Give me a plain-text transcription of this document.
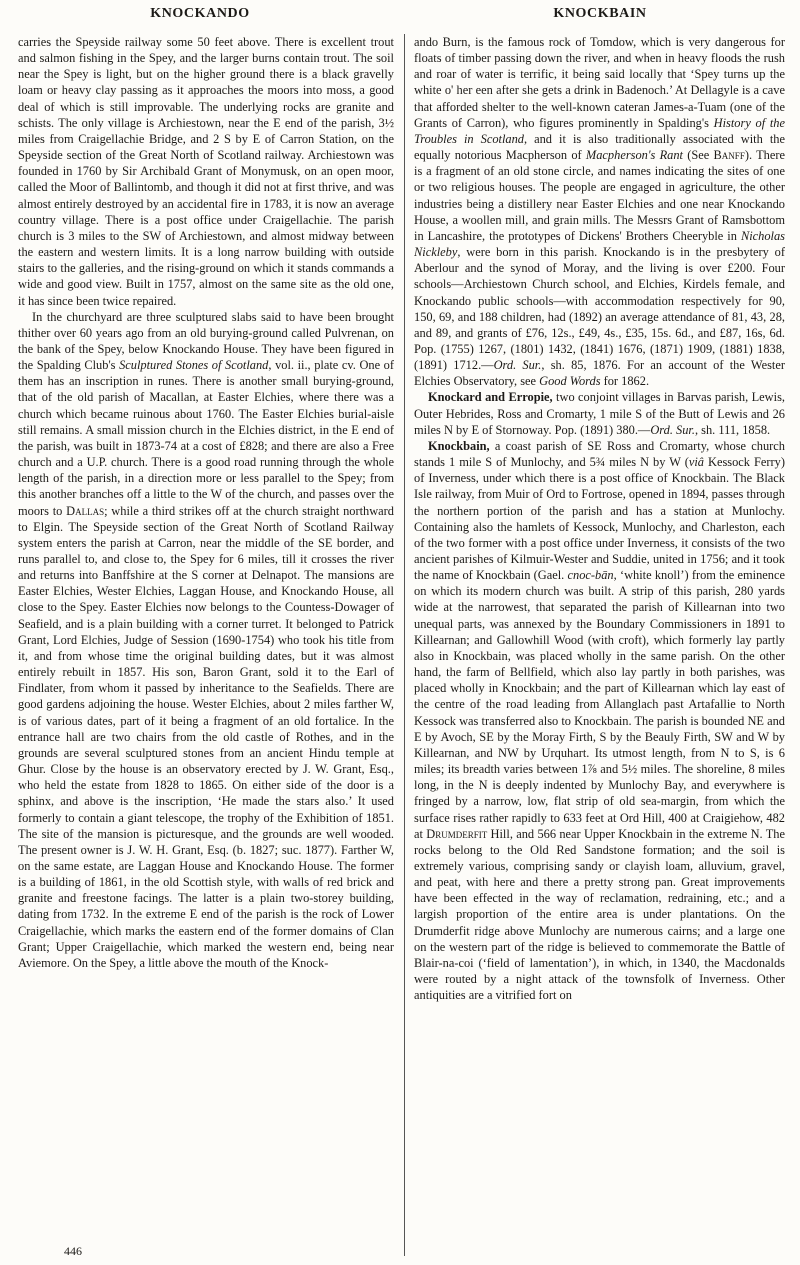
KNOCKANDO	KNOCKBAIN

carries the Speyside railway some 50 feet above. There is excellent trout and salmon fishing in the Spey, and the larger burns contain trout. The soil near the Spey is light, but on the higher ground there is a black gravelly loam or heavy clay passing as it approaches the moors into moss, a good deal of which is still improvable. The underlying rocks are granite and schists. The only village is Archiestown, near the E end of the parish, 3½ miles from Craigellachie Bridge, and 2 S by E of Carron Station, on the Speyside section of the Great North of Scotland railway. Archiestown was founded in 1760 by Sir Archibald Grant of Monymusk, on an open moor, called the Moor of Ballintomb, and though it did not at first thrive, and was almost entirely destroyed by an accidental fire in 1783, it is now an average country village. There is a post office under Craigellachie. The parish church is 3 miles to the SW of Archiestown, and almost midway between the eastern and western limits. It is a long narrow building with outside stairs to the galleries, and the rising-ground on which it stands commands a wide and good view. Built in 1757, almost on the same site as the old one, it has since been twice repaired.

In the churchyard are three sculptured slabs said to have been brought thither over 60 years ago from an old burying-ground called Pulvrenan, on the bank of the Spey, below Knockando House. They have been figured in the Spalding Club's Sculptured Stones of Scotland, vol. ii., plate cv. One of them has an inscription in runes. There is another small burying-ground, that of the old parish of Macallan, at Easter Elchies, where there was a church which became ruinous about 1760. The Easter Elchies burial-aisle still remains. A small mission church in the Elchies district, in the E end of the parish, was built in 1873-74 at a cost of £828; and there are also a Free church and a U.P. church. There is a good road running through the whole length of the parish, in a direction more or less parallel to the Spey; from this another branches off a little to the W of the church, and passes over the moors to Dallas; while a third strikes off at the church straight northward to Elgin. The Speyside section of the Great North of Scotland Railway system enters the parish at Carron, near the middle of the SE border, and runs parallel to, and close to, the Spey for 6 miles, till it crosses the river and returns into Banffshire at the S corner at Delnapot. The mansions are Easter Elchies, Wester Elchies, Laggan House, and Knockando House, all close to the Spey. Easter Elchies now belongs to the Countess-Dowager of Seafield, and is a plain building with a corner turret. It belonged to Patrick Grant, Lord Elchies, Judge of Session (1690-1754) who took his title from it, and from whose time the original building dates, but it was almost entirely rebuilt in 1857. His son, Baron Grant, sold it to the Earl of Findlater, from whom it passed by inheritance to the Seafields. There are good gardens adjoining the house. Wester Elchies, about 2 miles farther W, is of various dates, part of it being a fragment of an old fortalice. In the entrance hall are two chairs from the old castle of Rothes, and in the grounds are several sculptured stones from an ancient Hindu temple at Ghur. Close by the house is an observatory erected by J. W. Grant, Esq., who held the estate from 1828 to 1865. On either side of the door is a sphinx, and above is the inscription, ‘He made the stars also.’ It used formerly to contain a giant telescope, the trophy of the Exhibition of 1851. The site of the mansion is picturesque, and the grounds are well wooded. The present owner is J. W. H. Grant, Esq. (b. 1827; suc. 1877). Farther W, on the same estate, are Laggan House and Knockando House. The former is a building of 1861, in the old Scottish style, with walls of red brick and granite and freestone facings. The latter is a plain two-storey building, dating from 1732. In the extreme E end of the parish is the rock of Lower Craigellachie, which marks the eastern end of the former domains of Clan Grant; Upper Craigellachie, which marked the western end, being near Aviemore. On the Spey, a little above the mouth of the Knock-

ando Burn, is the famous rock of Tomdow, which is very dangerous for floats of timber passing down the river, and when in heavy floods the rush and roar of water is terrific, it being said locally that ‘Spey turns up the white o' her een after she gets a drink in Badenoch.’ At Dellagyle is a cave that afforded shelter to the well-known cateran James-a-Tuam (one of the Grants of Carron), who figures prominently in Spalding's History of the Troubles in Scotland, and it is also traditionally associated with the equally notorious Macpherson of Macpherson's Rant (See Banff). There is a fragment of an old stone circle, and names indicating the sites of one or two religious houses. The people are engaged in agriculture, the other industries being a distillery near Easter Elchies and one near Knockando House, a woollen mill, and grain mills. The Messrs Grant of Ramsbottom in Lancashire, the prototypes of Dickens' Brothers Cheeryble in Nicholas Nickleby, were born in this parish. Knockando is in the presbytery of Aberlour and the synod of Moray, and the living is over £200. Four schools—Archiestown Church school, and Elchies, Kirdels female, and Knockando public schools—with accommodation respectively for 90, 150, 69, and 188 children, had (1892) an average attendance of 81, 43, 28, and 89, and grants of £76, 12s., £49, 4s., £35, 15s. 6d., and £87, 16s, 6d. Pop. (1755) 1267, (1801) 1432, (1841) 1676, (1871) 1909, (1881) 1838, (1891) 1712.—Ord. Sur., sh. 85, 1876. For an account of the Wester Elchies Observatory, see Good Words for 1862.

Knockard and Erropie, two conjoint villages in Barvas parish, Lewis, Outer Hebrides, Ross and Cromarty, 1 mile S of the Butt of Lewis and 26 miles N by E of Stornoway. Pop. (1891) 380.—Ord. Sur., sh. 111, 1858.

Knockbain, a coast parish of SE Ross and Cromarty, whose church stands 1 mile S of Munlochy, and 5¾ miles N by W (viâ Kessock Ferry) of Inverness, under which there is a post office of Knockbain. The Black Isle railway, from Muir of Ord to Fortrose, opened in 1894, passes through the northern portion of the parish and has a station at Munlochy. Containing also the hamlets of Kessock, Munlochy, and Charleston, each of the two former with a post office under Inverness, it consists of the two ancient parishes of Kilmuir-Wester and Suddie, united in 1756; and it took the name of Knockbain (Gael. cnoc-bān, ‘white knoll’) from the eminence on which its modern church was built. A strip of this parish, 280 yards wide at the narrowest, that separated the parish of Killearnan into two unequal parts, was annexed by the Boundary Commissioners in 1891 to Killearnan; and Gallowhill Wood (with croft), which formerly lay partly also in Knockbain, was placed wholly in the same parish. On the other hand, the farm of Bellfield, which also lay partly in both parishes, was placed wholly in Knockbain; and the part of Killearnan which lay east of the centre of the road leading from Allanglach past Artafallie to North Kessock was transferred also to Knockbain. The parish is bounded NE and E by Avoch, SE by the Moray Firth, S by the Beauly Firth, SW and W by Killearnan, and NW by Urquhart. Its utmost length, from N to S, is 6 miles; its breadth varies between 1⅞ and 5½ miles. The shoreline, 8 miles long, in the N is deeply indented by Munlochy Bay, and everywhere is fringed by a narrow, low, flat strip of old sea-margin, from which the surface rises rather rapidly to 633 feet at Ord Hill, 400 at Craigiehow, 482 at Drumderfit Hill, and 566 near Upper Knockbain in the extreme N. The rocks belong to the Old Red Sandstone formation; and the soil is extremely various, comprising sandy or clayish loam, alluvium, gravel, and peat, with here and there a pretty strong pan. Great improvements have been effected in the way of reclamation, redraining, etc.; and a largish proportion of the entire area is under plantations. On the Drumderfit ridge above Munlochy are numerous cairns; and a large one on the western part of the ridge is believed to commemorate the Battle of Blair-na-coi (‘field of lamentation’), in which, in 1340, the Macdonalds were routed by a night attack of the townsfolk of Inverness. Other antiquities are a vitrified fort on

446
